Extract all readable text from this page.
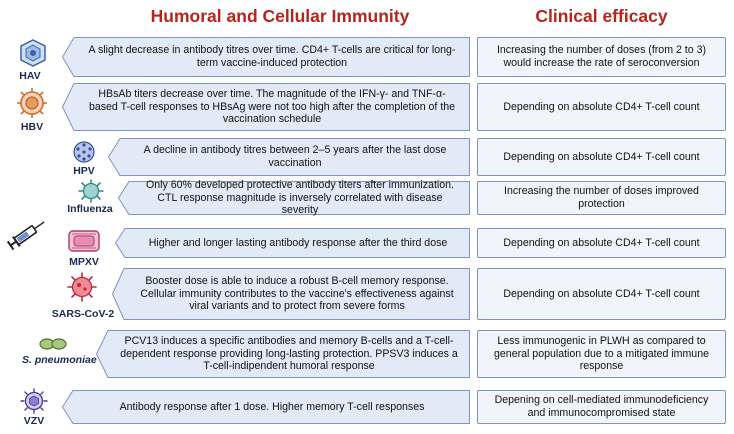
Humoral and Cellular Immunity	Clinical efficacy
HAV
A slight decrease in antibody titres over time. CD4+ T-cells are critical for long-term vaccine-induced protection
Increasing the number of doses (from 2 to 3) would increase the rate of seroconversion
HBV
HBsAb titers decrease over time. The magnitude of the IFN-γ- and TNF-α-based T-cell responses to HBsAg were not too high after the completion of the vaccination schedule
Depending on absolute CD4+ T-cell count
HPV
A decline in antibody titres between 2–5 years after the last dose vaccination
Depending on absolute CD4+ T-cell count
Influenza
Only 60% developed protective antibody titers after immunization. CTL response magnitude is inversely correlated with disease severity
Increasing the number of doses improved protection
MPXV
Higher and longer lasting antibody response after the third dose	Depending on absolute CD4+ T-cell count
SARS-CoV-2
Booster dose is able to induce a robust B-cell memory response. Cellular immunity contributes to the vaccine's effectiveness against viral variants and to protect from severe forms
Depending on absolute CD4+ T-cell count
S. pneumoniae
PCV13 induces a specific antibodies and memory B-cells and a T-cell-dependent response providing long-lasting protection. PPSV3 induces a T-cell-indipendent humoral response
Less immunogenic in PLWH as compared to general population due to a mitigated immune response
VZV
Antibody response after 1 dose. Higher memory T-cell responses
Depening on cell-mediated immunodeficiency and immunocompromised state
